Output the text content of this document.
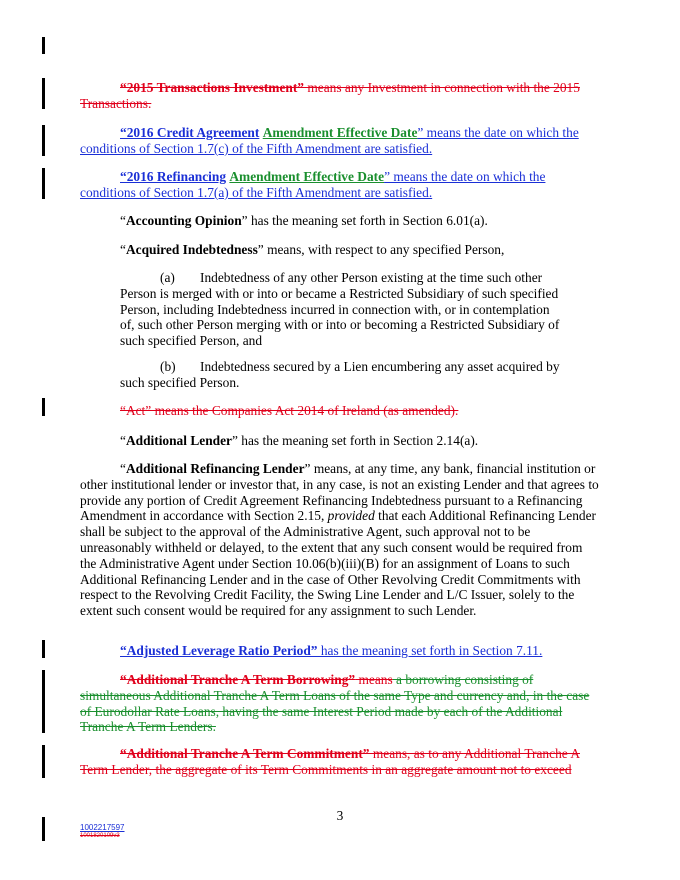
“2015 Transactions Investment” means any Investment in connection with the 2015 Transactions.
“2016 Credit Agreement Amendment Effective Date” means the date on which the conditions of Section 1.7(c) of the Fifth Amendment are satisfied.
“2016 Refinancing Amendment Effective Date” means the date on which the conditions of Section 1.7(a) of the Fifth Amendment are satisfied.
“Accounting Opinion” has the meaning set forth in Section 6.01(a).
“Acquired Indebtedness” means, with respect to any specified Person,
(a) Indebtedness of any other Person existing at the time such other Person is merged with or into or became a Restricted Subsidiary of such specified Person, including Indebtedness incurred in connection with, or in contemplation of, such other Person merging with or into or becoming a Restricted Subsidiary of such specified Person, and
(b) Indebtedness secured by a Lien encumbering any asset acquired by such specified Person.
“Act” means the Companies Act 2014 of Ireland (as amended).
“Additional Lender” has the meaning set forth in Section 2.14(a).
“Additional Refinancing Lender” means, at any time, any bank, financial institution or other institutional lender or investor that, in any case, is not an existing Lender and that agrees to provide any portion of Credit Agreement Refinancing Indebtedness pursuant to a Refinancing Amendment in accordance with Section 2.15, provided that each Additional Refinancing Lender shall be subject to the approval of the Administrative Agent, such approval not to be unreasonably withheld or delayed, to the extent that any such consent would be required from the Administrative Agent under Section 10.06(b)(iii)(B) for an assignment of Loans to such Additional Refinancing Lender and in the case of Other Revolving Credit Commitments with respect to the Revolving Credit Facility, the Swing Line Lender and L/C Issuer, solely to the extent such consent would be required for any assignment to such Lender.
“Adjusted Leverage Ratio Period” has the meaning set forth in Section 7.11.
“Additional Tranche A Term Borrowing” means a borrowing consisting of simultaneous Additional Tranche A Term Loans of the same Type and currency and, in the case of Eurodollar Rate Loans, having the same Interest Period made by each of the Additional Tranche A Term Lenders.
“Additional Tranche A Term Commitment” means, as to any Additional Tranche A Term Lender, the aggregate of its Term Commitments in an aggregate amount not to exceed
3
1002217597
1001820109v3
